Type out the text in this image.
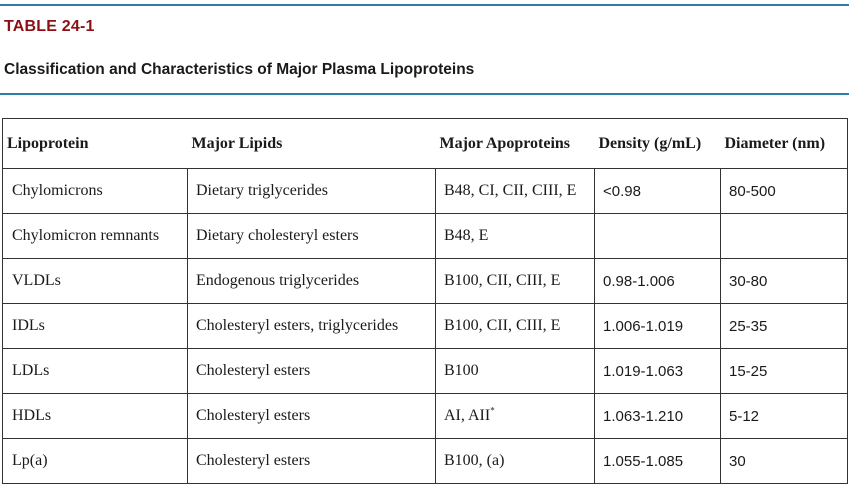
TABLE 24-1
Classification and Characteristics of Major Plasma Lipoproteins
Lipoprotein	Major Lipids	Major Apoproteins	Density (g/mL)	Diameter (nm)
Chylomicrons	Dietary triglycerides	B48, CI, CII, CIII, E	<0.98	80-500
Chylomicron remnants	Dietary cholesteryl esters	B48, E		
VLDLs	Endogenous triglycerides	B100, CII, CIII, E	0.98-1.006	30-80
IDLs	Cholesteryl esters, triglycerides	B100, CII, CIII, E	1.006-1.019	25-35
LDLs	Cholesteryl esters	B100	1.019-1.063	15-25
HDLs	Cholesteryl esters	AI, AII*	1.063-1.210	5-12
Lp(a)	Cholesteryl esters	B100, (a)	1.055-1.085	30
